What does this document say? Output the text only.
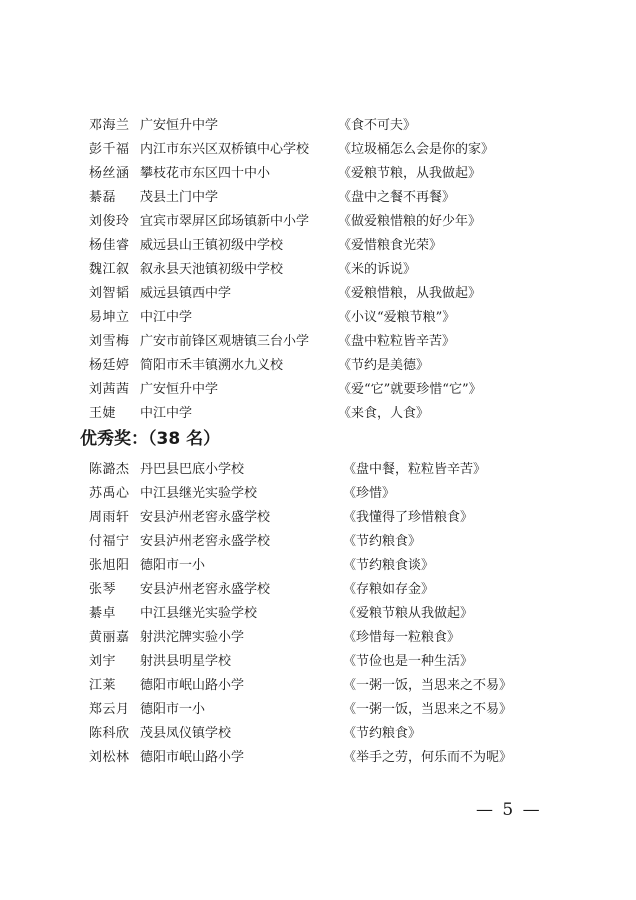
邓海兰 广安恒升中学	《食不可夫》
彭千福 内江市东兴区双桥镇中心学校 《垃圾桶怎么会是你的家》
杨丝涵 攀枝花市东区四十中小	《爱粮节粮，从我做起》
綦磊 茂县土门中学	《盘中之餐不再餐》
刘俊玲 宜宾市翠屏区邱场镇新中小学 《做爱粮惜粮的好少年》
杨佳睿 威远县山王镇初级中学校	《爱惜粮食光荣》
魏江叙 叙永县天池镇初级中学校	《米的诉说》
刘智韬 威远县镇西中学	《爱粮惜粮，从我做起》
易坤立 中江中学	《小议“爱粮节粮”》
刘雪梅 广安市前锋区观塘镇三台小学 《盘中粒粒皆辛苦》
杨廷婷 简阳市禾丰镇溯水九义校	《节约是美德》
刘茜茜 广安恒升中学	《爱“它”就要珍惜“它”》
王婕 中江中学	《来食，人食》
优秀奖：（38 名）
陈潞杰 丹巴县巴底小学校	《盘中餐，粒粒皆辛苦》
苏禹心 中江县继光实验学校	《珍惜》
周雨轩 安县泸州老窖永盛学校	《我懂得了珍惜粮食》
付福宁 安县泸州老窖永盛学校	《节约粮食》
张旭阳 德阳市一小	《节约粮食谈》
张琴 安县泸州老窖永盛学校	《存粮如存金》
綦卓 中江县继光实验学校	《爱粮节粮从我做起》
黄丽嘉 射洪沱牌实验小学	《珍惜每一粒粮食》
刘宇 射洪县明星学校	《节俭也是一种生活》
江莱 德阳市岷山路小学	《一粥一饭，当思来之不易》
郑云月 德阳市一小	《一粥一饭，当思来之不易》
陈科欣 茂县凤仪镇学校	《节约粮食》
刘松林 德阳市岷山路小学	《举手之劳，何乐而不为呢》
— 5 —
